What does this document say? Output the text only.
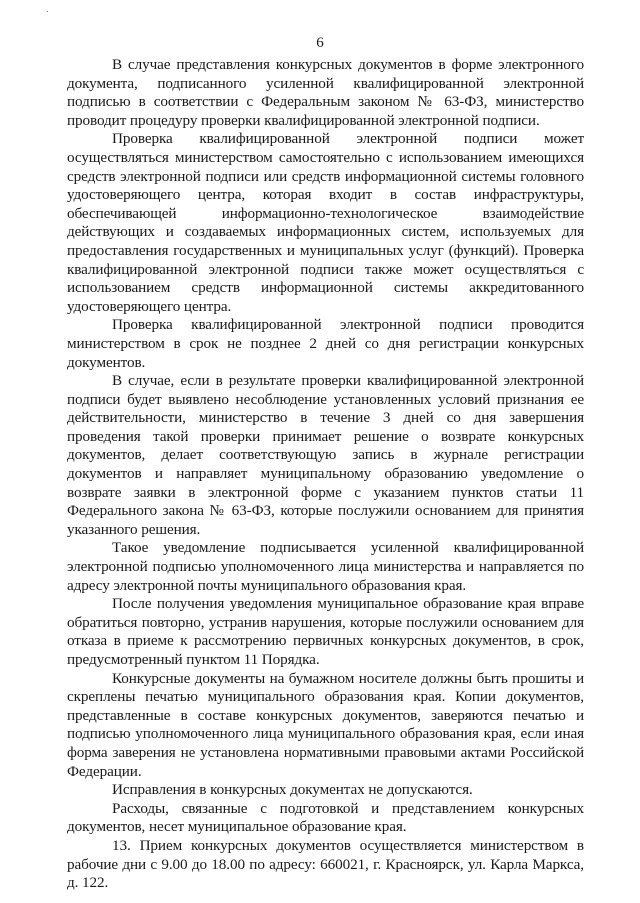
.
6

В случае представления конкурсных документов в форме электронного документа, подписанного усиленной квалифицированной электронной подписью в соответствии с Федеральным законом № 63-ФЗ, министерство проводит процедуру проверки квалифицированной электронной подписи.

Проверка квалифицированной электронной подписи может осуществляться министерством самостоятельно с использованием имеющихся средств электронной подписи или средств информационной системы головного удостоверяющего центра, которая входит в состав инфраструктуры, обеспечивающей информационно-технологическое взаимодействие действующих и создаваемых информационных систем, используемых для предоставления государственных и муниципальных услуг (функций). Проверка квалифицированной электронной подписи также может осуществляться с использованием средств информационной системы аккредитованного удостоверяющего центра.

Проверка квалифицированной электронной подписи проводится министерством в срок не позднее 2 дней со дня регистрации конкурсных документов.

В случае, если в результате проверки квалифицированной электронной подписи будет выявлено несоблюдение установленных условий признания ее действительности, министерство в течение 3 дней со дня завершения проведения такой проверки принимает решение о возврате конкурсных документов, делает соответствующую запись в журнале регистрации документов и направляет муниципальному образованию уведомление о возврате заявки в электронной форме с указанием пунктов статьи 11 Федерального закона № 63-ФЗ, которые послужили основанием для принятия указанного решения.

Такое уведомление подписывается усиленной квалифицированной электронной подписью уполномоченного лица министерства и направляется по адресу электронной почты муниципального образования края.

После получения уведомления муниципальное образование края вправе обратиться повторно, устранив нарушения, которые послужили основанием для отказа в приеме к рассмотрению первичных конкурсных документов, в срок, предусмотренный пунктом 11 Порядка.

Конкурсные документы на бумажном носителе должны быть прошиты и скреплены печатью муниципального образования края. Копии документов, представленные в составе конкурсных документов, заверяются печатью и подписью уполномоченного лица муниципального образования края, если иная форма заверения не установлена нормативными правовыми актами Российской Федерации.

Исправления в конкурсных документах не допускаются.

Расходы, связанные с подготовкой и представлением конкурсных документов, несет муниципальное образование края.

13. Прием конкурсных документов осуществляется министерством в рабочие дни с 9.00 до 18.00 по адресу: 660021, г. Красноярск, ул. Карла Маркса, д. 122.
